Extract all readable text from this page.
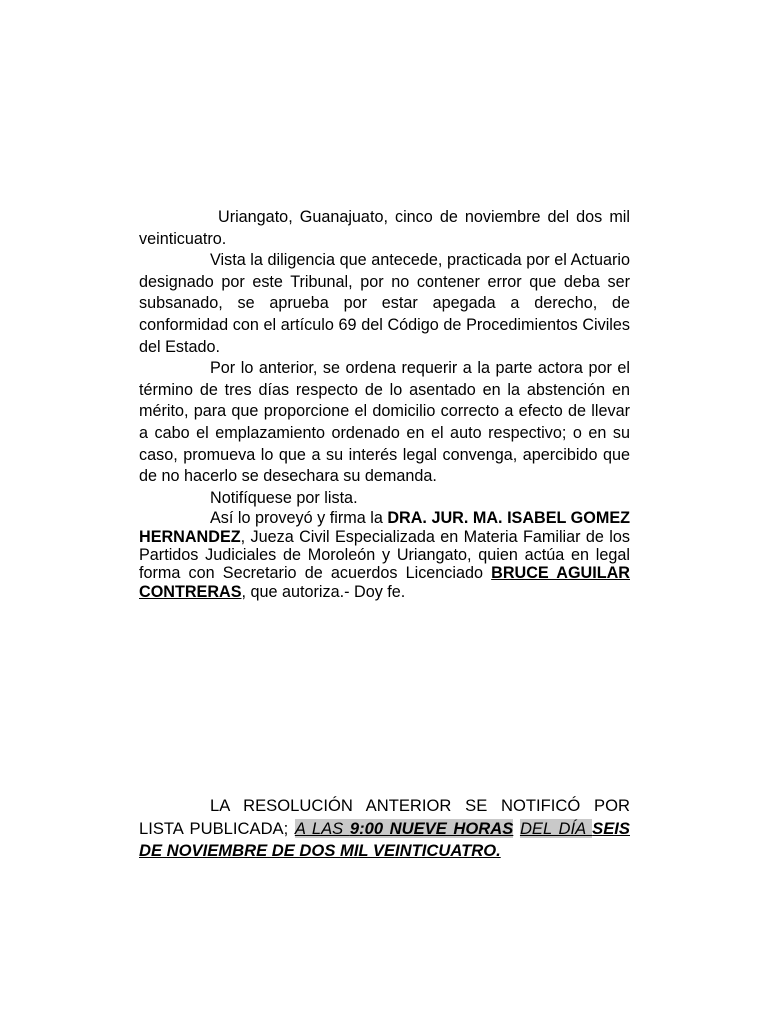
Uriangato, Guanajuato, cinco de noviembre del dos mil veinticuatro.

Vista la diligencia que antecede, practicada por el Actuario designado por este Tribunal, por no contener error que deba ser subsanado, se aprueba por estar apegada a derecho, de conformidad con el artículo 69 del Código de Procedimientos Civiles del Estado.

Por lo anterior, se ordena requerir a la parte actora por el término de tres días respecto de lo asentado en la abstención en mérito, para que proporcione el domicilio correcto a efecto de llevar a cabo el emplazamiento ordenado en el auto respectivo; o en su caso, promueva lo que a su interés legal convenga, apercibido que de no hacerlo se desechara su demanda.

Notifíquese por lista.

Así lo proveyó y firma la DRA. JUR. MA. ISABEL GOMEZ HERNANDEZ, Jueza Civil Especializada en Materia Familiar de los Partidos Judiciales de Moroleón y Uriangato, quien actúa en legal forma con Secretario de acuerdos Licenciado BRUCE AGUILAR CONTRERAS, que autoriza.- Doy fe.

LA RESOLUCIÓN ANTERIOR SE NOTIFICÓ POR LISTA PUBLICADA; A LAS 9:00 NUEVE HORAS DEL DÍA SEIS DE NOVIEMBRE DE DOS MIL VEINTICUATRO.
